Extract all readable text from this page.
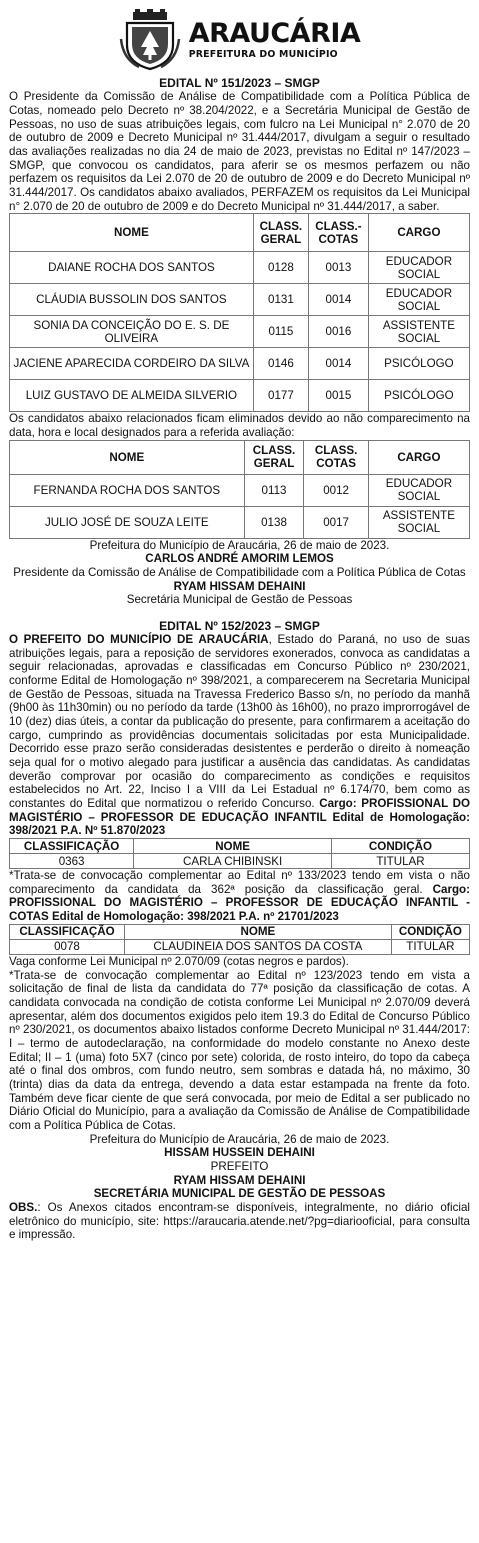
ARAUCÁRIA
PREFEITURA DO MUNICÍPIO
EDITAL Nº 151/2023 – SMGP
O Presidente da Comissão de Análise de Compatibilidade com a Política Pública de Cotas, nomeado pelo Decreto nº 38.204/2022, e a Secretária Municipal de Gestão de Pessoas, no uso de suas atribuições legais, com fulcro na Lei Municipal n° 2.070 de 20 de outubro de 2009 e Decreto Municipal nº 31.444/2017, divulgam a seguir o resultado das avaliações realizadas no dia 24 de maio de 2023, previstas no Edital nº 147/2023 – SMGP, que convocou os candidatos, para aferir se os mesmos perfazem ou não perfazem os requisitos da Lei 2.070 de 20 de outubro de 2009 e do Decreto Municipal nº 31.444/2017. Os candidatos abaixo avaliados, PERFAZEM os requisitos da Lei Municipal n° 2.070 de 20 de outubro de 2009 e do Decreto Municipal nº 31.444/2017, a saber.
NOME	CLASS. GERAL	CLASS.- COTAS	CARGO
DAIANE ROCHA DOS SANTOS	0128	0013	EDUCADOR SOCIAL
CLÁUDIA BUSSOLIN DOS SANTOS	0131	0014	EDUCADOR SOCIAL
SONIA DA CONCEIÇÃO DO E. S. DE OLIVEIRA	0115	0016	ASSISTENTE SOCIAL
JACIENE APARECIDA CORDEIRO DA SILVA	0146	0014	PSICÓLOGO
LUIZ GUSTAVO DE ALMEIDA SILVERIO	0177	0015	PSICÓLOGO
Os candidatos abaixo relacionados ficam eliminados devido ao não comparecimento na data, hora e local designados para a referida avaliação:
NOME	CLASS. GERAL	CLASS. COTAS	CARGO
FERNANDA ROCHA DOS SANTOS	0113	0012	EDUCADOR SOCIAL
JULIO JOSÉ DE SOUZA LEITE	0138	0017	ASSISTENTE SOCIAL
Prefeitura do Município de Araucária, 26 de maio de 2023.
CARLOS ANDRÉ AMORIM LEMOS
Presidente da Comissão de Análise de Compatibilidade com a Política Pública de Cotas
RYAM HISSAM DEHAINI
Secretária Municipal de Gestão de Pessoas
EDITAL Nº 152/2023 – SMGP
O PREFEITO DO MUNICÍPIO DE ARAUCÁRIA, Estado do Paraná, no uso de suas atribuições legais, para a reposição de servidores exonerados, convoca as candidatas a seguir relacionadas, aprovadas e classificadas em Concurso Público nº 230/2021, conforme Edital de Homologação nº 398/2021, a comparecerem na Secretaria Municipal de Gestão de Pessoas, situada na Travessa Frederico Basso s/n, no período da manhã (9h00 às 11h30min) ou no período da tarde (13h00 às 16h00), no prazo improrrogável de 10 (dez) dias úteis, a contar da publicação do presente, para confirmarem a aceitação do cargo, cumprindo as providências documentais solicitadas por esta Municipalidade. Decorrido esse prazo serão consideradas desistentes e perderão o direito à nomeação seja qual for o motivo alegado para justificar a ausência das candidatas. As candidatas deverão comprovar por ocasião do comparecimento as condições e requisitos estabelecidos no Art. 22, Inciso I a VIII da Lei Estadual nº 6.174/70, bem como as constantes do Edital que normatizou o referido Concurso. Cargo: PROFISSIONAL DO MAGISTÉRIO – PROFESSOR DE EDUCAÇÃO INFANTIL Edital de Homologação: 398/2021 P.A. Nº 51.870/2023
CLASSIFICAÇÃO	NOME	CONDIÇÃO
0363	CARLA CHIBINSKI	TITULAR
*Trata-se de convocação complementar ao Edital nº 133/2023 tendo em vista o não comparecimento da candidata da 362ª posição da classificação geral. Cargo: PROFISSIONAL DO MAGISTÉRIO – PROFESSOR DE EDUCAÇÃO INFANTIL - COTAS Edital de Homologação: 398/2021 P.A. nº 21701/2023
CLASSIFICAÇÃO	NOME	CONDIÇÃO
0078	CLAUDINEIA DOS SANTOS DA COSTA	TITULAR
Vaga conforme Lei Municipal nº 2.070/09 (cotas negros e pardos).
*Trata-se de convocação complementar ao Edital nº 123/2023 tendo em vista a solicitação de final de lista da candidata do 77ª posição da classificação de cotas. A candidata convocada na condição de cotista conforme Lei Municipal nº 2.070/09 deverá apresentar, além dos documentos exigidos pelo item 19.3 do Edital de Concurso Público nº 230/2021, os documentos abaixo listados conforme Decreto Municipal nº 31.444/2017: I – termo de autodeclaração, na conformidade do modelo constante no Anexo deste Edital; II – 1 (uma) foto 5X7 (cinco por sete) colorida, de rosto inteiro, do topo da cabeça até o final dos ombros, com fundo neutro, sem sombras e datada há, no máximo, 30 (trinta) dias da data da entrega, devendo a data estar estampada na frente da foto. Também deve ficar ciente de que será convocada, por meio de Edital a ser publicado no Diário Oficial do Município, para a avaliação da Comissão de Análise de Compatibilidade com a Política Pública de Cotas.
Prefeitura do Município de Araucária, 26 de maio de 2023.
HISSAM HUSSEIN DEHAINI
PREFEITO
RYAM HISSAM DEHAINI
SECRETÁRIA MUNICIPAL DE GESTÃO DE PESSOAS
OBS.: Os Anexos citados encontram-se disponíveis, integralmente, no diário oficial eletrônico do município, site: https://araucaria.atende.net/?pg=diariooficial, para consulta e impressão.
